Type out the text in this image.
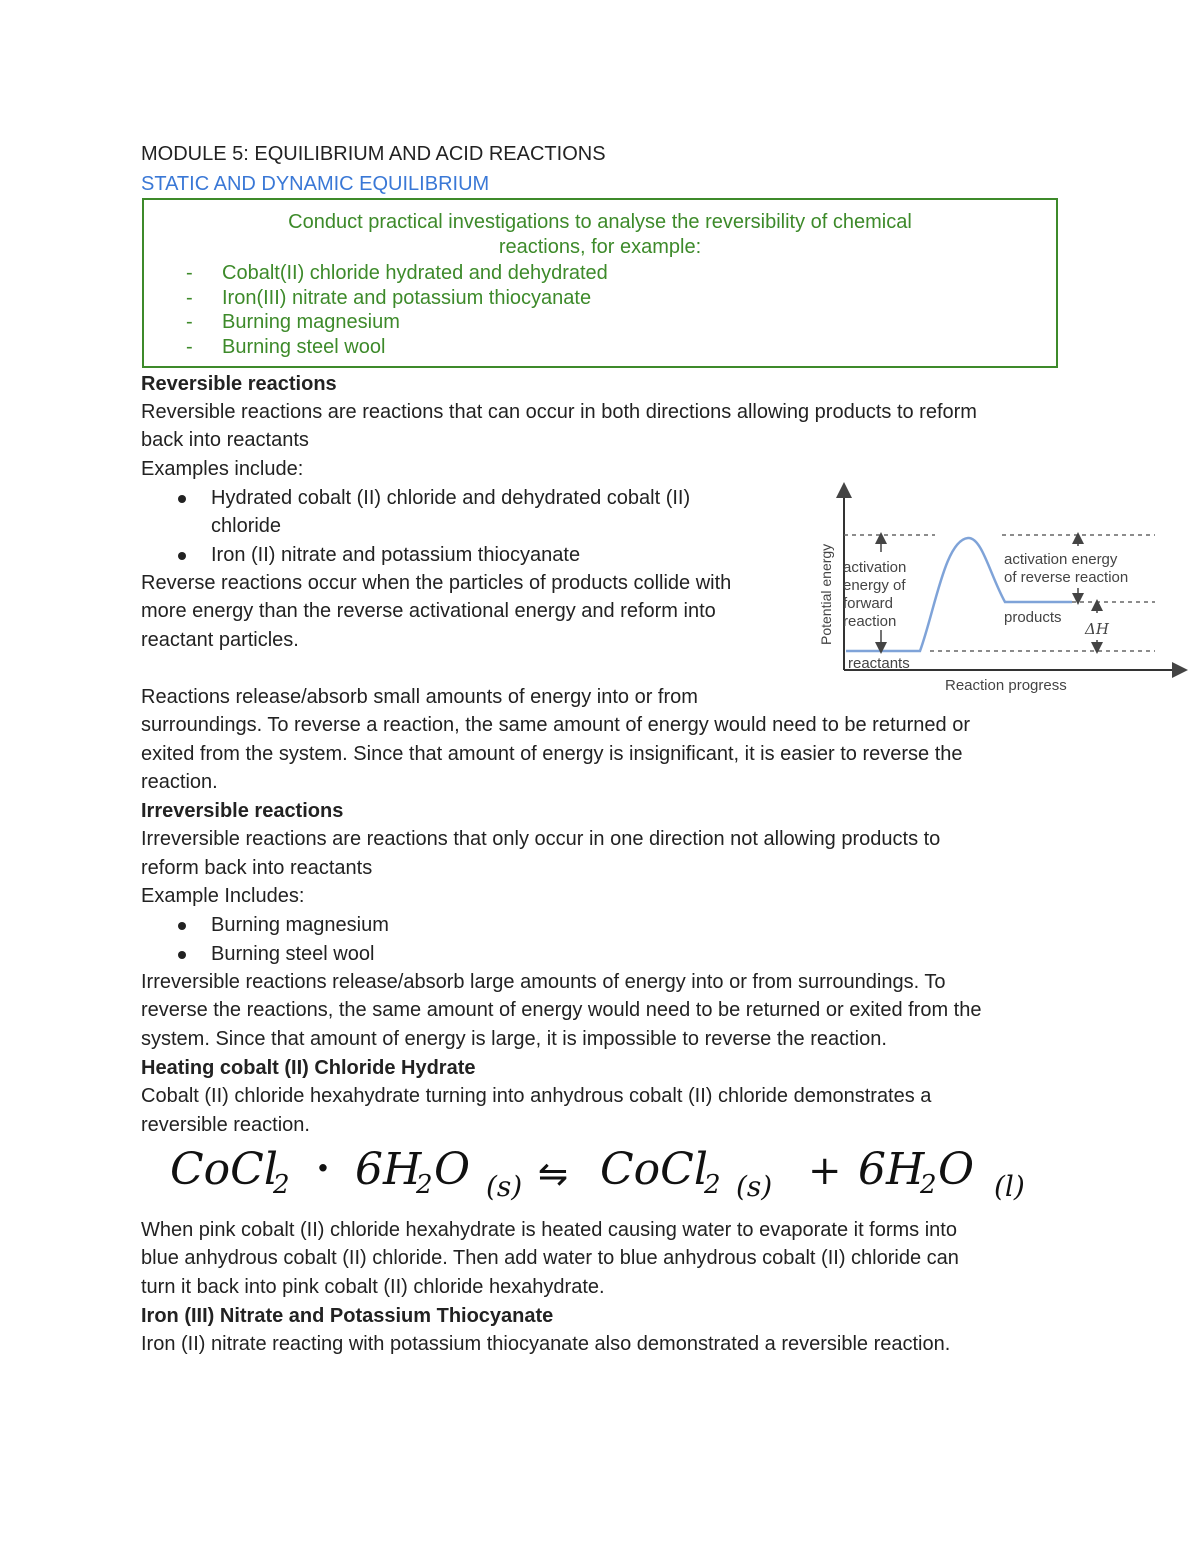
MODULE 5: EQUILIBRIUM AND ACID REACTIONS
STATIC AND DYNAMIC EQUILIBRIUM
Conduct practical investigations to analyse the reversibility of chemical
reactions, for example:
- Cobalt(II) chloride hydrated and dehydrated
- Iron(III) nitrate and potassium thiocyanate
- Burning magnesium
- Burning steel wool
Reversible reactions
Reversible reactions are reactions that can occur in both directions allowing products to reform
back into reactants
Examples include:
Hydrated cobalt (II) chloride and dehydrated cobalt (II)
chloride
Iron (II) nitrate and potassium thiocyanate
Reverse reactions occur when the particles of products collide with
more energy than the reverse activational energy and reform into
reactant particles.
Reactions release/absorb small amounts of energy into or from
surroundings. To reverse a reaction, the same amount of energy would need to be returned or
exited from the system. Since that amount of energy is insignificant, it is easier to reverse the
reaction.
Potential energy
Reaction progress
activation
energy of
forward
reaction
reactants
activation energy
of reverse reaction
products
ΔH
Irreversible reactions
Irreversible reactions are reactions that only occur in one direction not allowing products to
reform back into reactants
Example Includes:
Burning magnesium
Burning steel wool
Irreversible reactions release/absorb large amounts of energy into or from surroundings. To
reverse the reactions, the same amount of energy would need to be returned or exited from the
system. Since that amount of energy is large, it is impossible to reverse the reaction.
Heating cobalt (II) Chloride Hydrate
Cobalt (II) chloride hexahydrate turning into anhydrous cobalt (II) chloride demonstrates a
reversible reaction.
CoCl
2 · 6H
2 O (s) ⇋ CoCl
2 (s) + 6H
2 O (l)
When pink cobalt (II) chloride hexahydrate is heated causing water to evaporate it forms into
blue anhydrous cobalt (II) chloride. Then add water to blue anhydrous cobalt (II) chloride can
turn it back into pink cobalt (II) chloride hexahydrate.
Iron (III) Nitrate and Potassium Thiocyanate
Iron (II) nitrate reacting with potassium thiocyanate also demonstrated a reversible reaction.
